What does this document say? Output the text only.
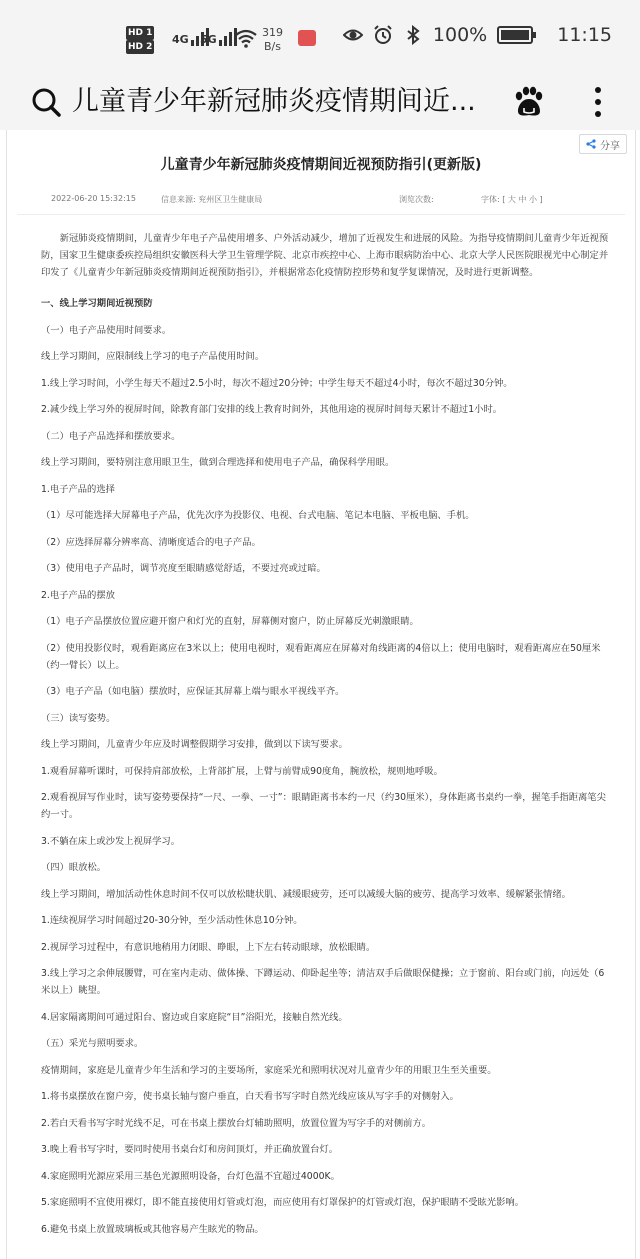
HD 1
HD 2
4G 5G
319
B/s
100%	11:15
儿童青少年新冠肺炎疫情期间近...
分享
儿童青少年新冠肺炎疫情期间近视预防指引(更新版)
2022-06-20 15:32:15	信息来源: 兖州区卫生健康局	浏览次数:	字体: [ 大 中 小 ]

新冠肺炎疫情期间，儿童青少年电子产品使用增多、户外活动减少，增加了近视发生和进展的风险。为指导疫情期间儿童青少年近视预防，国家卫生健康委疾控局组织安徽医科大学卫生管理学院、北京市疾控中心、上海市眼病防治中心、北京大学人民医院眼视光中心制定并印发了《儿童青少年新冠肺炎疫情期间近视预防指引》，并根据常态化疫情防控形势和复学复课情况，及时进行更新调整。

一、线上学习期间近视预防

（一）电子产品使用时间要求。

线上学习期间，应限制线上学习的电子产品使用时间。

1.线上学习时间，小学生每天不超过2.5小时，每次不超过20分钟；中学生每天不超过4小时，每次不超过30分钟。

2.减少线上学习外的视屏时间，除教育部门安排的线上教育时间外，其他用途的视屏时间每天累计不超过1小时。

（二）电子产品选择和摆放要求。

线上学习期间，要特别注意用眼卫生，做到合理选择和使用电子产品，确保科学用眼。

1.电子产品的选择

（1）尽可能选择大屏幕电子产品，优先次序为投影仪、电视、台式电脑、笔记本电脑、平板电脑、手机。

（2）应选择屏幕分辨率高、清晰度适合的电子产品。

（3）使用电子产品时，调节亮度至眼睛感觉舒适，不要过亮或过暗。

2.电子产品的摆放

（1）电子产品摆放位置应避开窗户和灯光的直射，屏幕侧对窗户，防止屏幕反光刺激眼睛。

（2）使用投影仪时，观看距离应在3米以上；使用电视时，观看距离应在屏幕对角线距离的4倍以上；使用电脑时，观看距离应在50厘米（约一臂长）以上。

（3）电子产品（如电脑）摆放时，应保证其屏幕上端与眼水平视线平齐。

（三）读写姿势。

线上学习期间，儿童青少年应及时调整假期学习安排，做到以下读写要求。

1.观看屏幕听课时，可保持肩部放松，上背部扩展，上臂与前臂成90度角，腕放松，规则地呼吸。

2.观看视屏写作业时，读写姿势要保持“一尺、一拳、一寸”：眼睛距离书本约一尺（约30厘米），身体距离书桌约一拳，握笔手指距离笔尖约一寸。

3.不躺在床上或沙发上视屏学习。

（四）眼放松。

线上学习期间，增加活动性休息时间不仅可以放松睫状肌、减缓眼疲劳，还可以减缓大脑的疲劳、提高学习效率、缓解紧张情绪。

1.连续视屏学习时间超过20-30分钟，至少活动性休息10分钟。

2.视屏学习过程中，有意识地稍用力闭眼、睁眼，上下左右转动眼球，放松眼睛。

3.线上学习之余伸展腰臂，可在室内走动、做体操、下蹲运动、仰卧起坐等；清洁双手后做眼保健操；立于窗前、阳台或门前，向远处（6米以上）眺望。

4.居家隔离期间可通过阳台、窗边或自家庭院“目”浴阳光，接触自然光线。

（五）采光与照明要求。

疫情期间，家庭是儿童青少年生活和学习的主要场所，家庭采光和照明状况对儿童青少年的用眼卫生至关重要。

1.将书桌摆放在窗户旁，使书桌长轴与窗户垂直，白天看书写字时自然光线应该从写字手的对侧射入。

2.若白天看书写字时光线不足，可在书桌上摆放台灯辅助照明，放置位置为写字手的对侧前方。

3.晚上看书写字时，要同时使用书桌台灯和房间顶灯，并正确放置台灯。

4.家庭照明光源应采用三基色光源照明设备，台灯色温不宜超过4000K。

5.家庭照明不宜使用裸灯，即不能直接使用灯管或灯泡，而应使用有灯罩保护的灯管或灯泡，保护眼睛不受眩光影响。

6.避免书桌上放置玻璃板或其他容易产生眩光的物品。
